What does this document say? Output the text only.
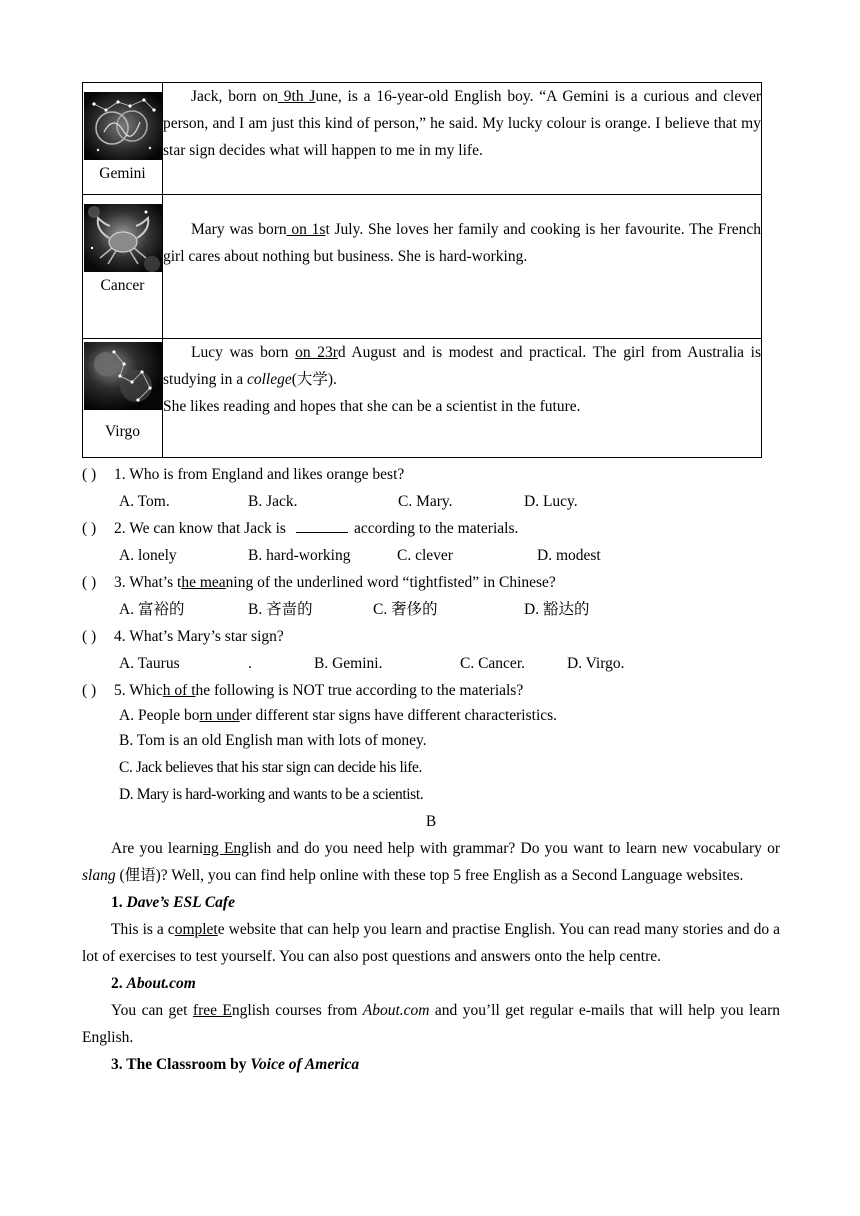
Gemini	Jack, born on 9th June, is a 16-year-old English boy. “A Gemini is a curious and clever person, and I am just this kind of person,” he said. My lucky colour is orange. I believe that my star sign decides what will happen to me in my life.

Cancer	Mary was born on 1st July. She loves her family and cooking is her favourite. The French girl cares about nothing but business. She is hard-working.

Virgo	Lucy was born on 23rd August and is modest and practical. The girl from Australia is studying in a college(大学).

She likes reading and hopes that she can be a scientist in the future.

( ) 1. Who is from England and likes orange best?
A. Tom.	B. Jack.	C. Mary.	D. Lucy.
( ) 2. We can know that Jack is	according to the materials.
A. lonely	B. hard-working	C. clever	D. modest
( ) 3. What’s the meaning of the underlined word “tightfisted” in Chinese?
A. 富裕的	B. 吝啬的	C. 奢侈的	D. 豁达的
( ) 4. What’s Mary’s star sign?
A. Taurus	.	B. Gemini.	C. Cancer.	D. Virgo.
( ) 5. Which of the following is NOT true according to the materials?
A. People born under different star signs have different characteristics.
B. Tom is an old English man with lots of money.
C. Jack believes that his star sign can decide his life.
D. Mary is hard-working and wants to be a scientist.
B

Are you learning English and do you need help with grammar? Do you want to learn new vocabulary or slang (俚语)? Well, you can find help online with these top 5 free English as a Second Language websites.

1. Dave’s ESL Cafe

This is a complete website that can help you learn and practise English. You can read many stories and do a lot of exercises to test yourself. You can also post questions and answers onto the help centre.

2. About.com

You can get free English courses from About.com and you’ll get regular e-mails that will help you learn English.

3. The Classroom by Voice of America
